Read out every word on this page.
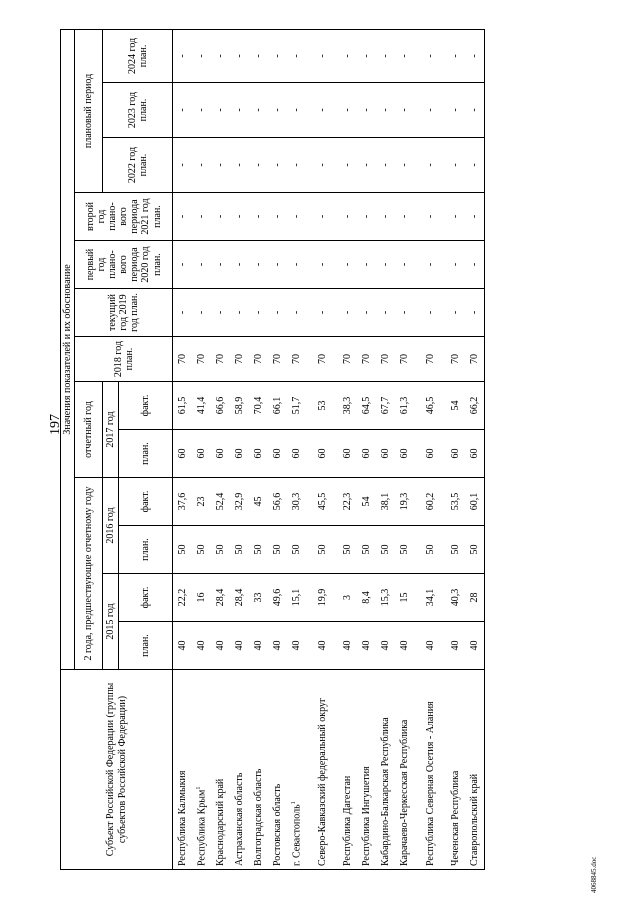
197
4068845.doc
Субъект Российской Федерации (группы субъектов Российской Федерации)	Значения показателей и их обоснование												
	2 года, предшествующие отчетному году				отчетный год		2018 год план.	текущий год 2019 год план.	первый год плано-вого периода 2020 год план.	второй год плано-вого периода 2021 год план.	плановый период		
	2015 год		2016 год		2017 год						2022 год план.	2023 год план.	2024 год план.
	план.	факт.	план.	факт.	план.	факт.							
Республика Калмыкия	40	22,2	50	37,6	60	61,5	70	-	-	-	-	-	-
Республика Крым$^1$	40	16	50	23	60	41,4	70	-	-	-	-	-	-
Краснодарский край	40	28,4	50	52,4	60	66,6	70	-	-	-	-	-	-
Астраханская область	40	28,4	50	32,9	60	58,9	70	-	-	-	-	-	-
Волгоградская область	40	33	50	45	60	70,4	70	-	-	-	-	-	-
Ростовская область	40	49,6	50	56,6	60	66,1	70	-	-	-	-	-	-
г. Севастополь$^1$	40	15,1	50	30,3	60	51,7	70	-	-	-	-	-	-
Северо-Кавказский федеральный округ	40	19,9	50	45,5	60	53	70	-	-	-	-	-	-
Республика Дагестан	40	3	50	22,3	60	38,3	70	-	-	-	-	-	-
Республика Ингушетия	40	8,4	50	54	60	64,5	70	-	-	-	-	-	-
Кабардино-Балкарская Республика	40	15,3	50	38,1	60	67,7	70	-	-	-	-	-	-
Карачаево-Черкесская Республика	40	15	50	19,3	60	61,3	70	-	-	-	-	-	-
Республика Северная Осетия - Алания	40	34,1	50	60,2	60	46,5	70	-	-	-	-	-	-
Чеченская Республика	40	40,3	50	53,5	60	54	70	-	-	-	-	-	-
Ставропольский край	40	28	50	60,1	60	66,2	70	-	-	-	-	-	-
